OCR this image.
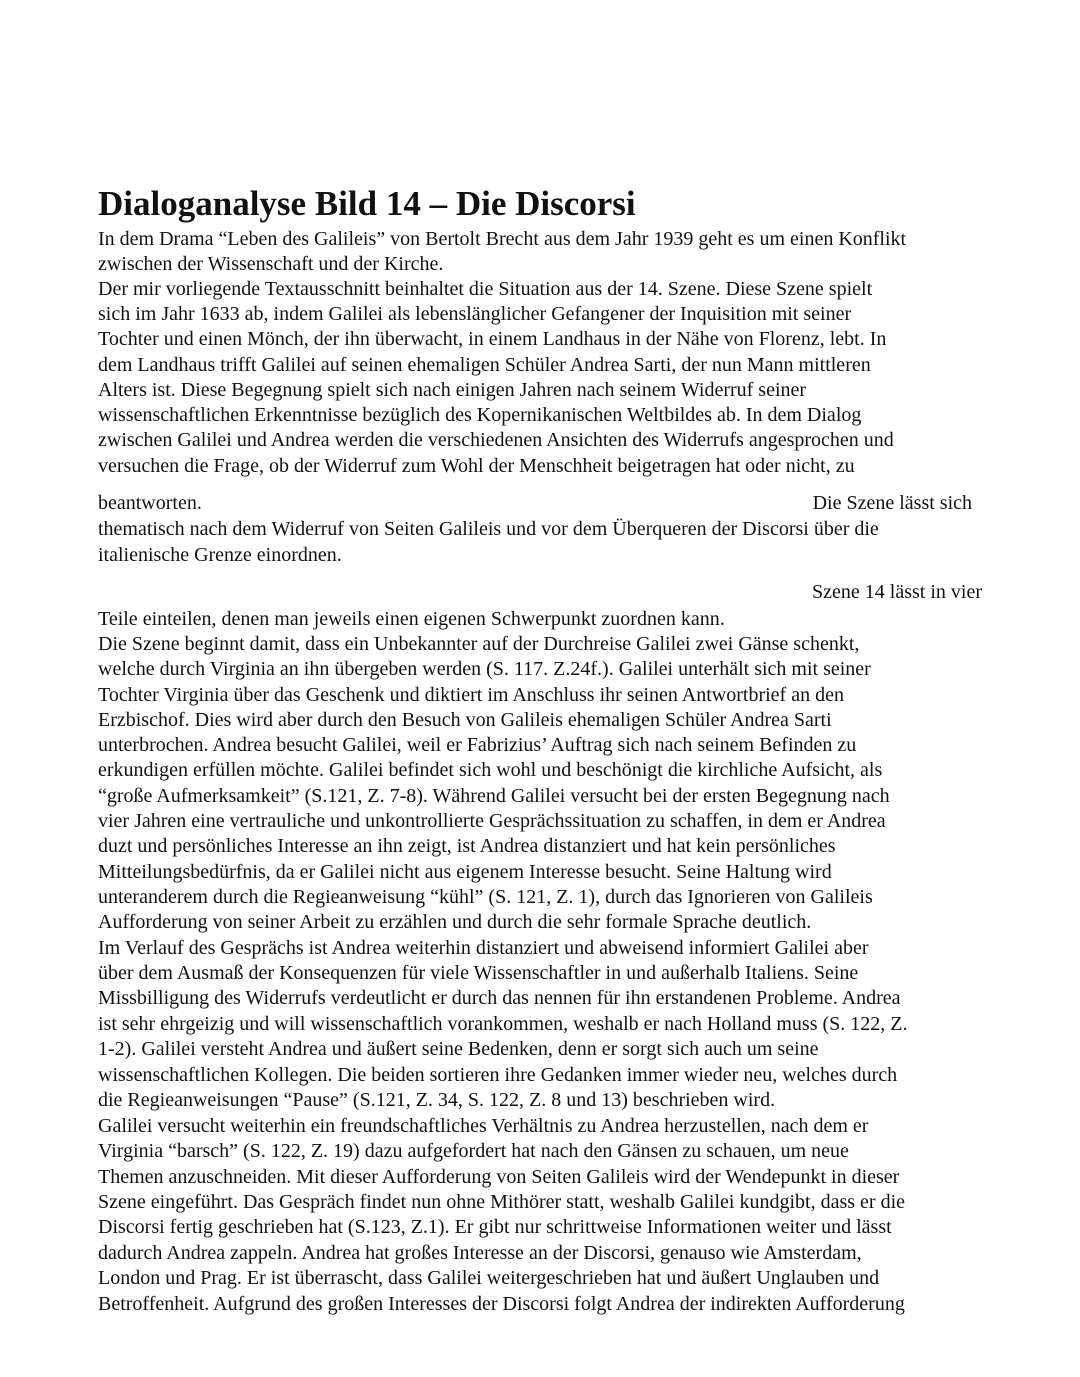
Dialoganalyse Bild 14 – Die Discorsi

In dem Drama “Leben des Galileis” von Bertolt Brecht aus dem Jahr 1939 geht es um einen Konflikt

zwischen der Wissenschaft und der Kirche.

Der mir vorliegende Textausschnitt beinhaltet die Situation aus der 14. Szene. Diese Szene spielt

sich im Jahr 1633 ab, indem Galilei als lebenslänglicher Gefangener der Inquisition mit seiner

Tochter und einen Mönch, der ihn überwacht, in einem Landhaus in der Nähe von Florenz, lebt. In

dem Landhaus trifft Galilei auf seinen ehemaligen Schüler Andrea Sarti, der nun Mann mittleren

Alters ist. Diese Begegnung spielt sich nach einigen Jahren nach seinem Widerruf seiner

wissenschaftlichen Erkenntnisse bezüglich des Kopernikanischen Weltbildes ab. In dem Dialog

zwischen Galilei und Andrea werden die verschiedenen Ansichten des Widerrufs angesprochen und

versuchen die Frage, ob der Widerruf zum Wohl der Menschheit beigetragen hat oder nicht, zu

beantworten.	Die Szene lässt sich

thematisch nach dem Widerruf von Seiten Galileis und vor dem Überqueren der Discorsi über die

italienische Grenze einordnen.

Szene 14 lässt in vier

Teile einteilen, denen man jeweils einen eigenen Schwerpunkt zuordnen kann.

Die Szene beginnt damit, dass ein Unbekannter auf der Durchreise Galilei zwei Gänse schenkt,

welche durch Virginia an ihn übergeben werden (S. 117. Z.24f.). Galilei unterhält sich mit seiner

Tochter Virginia über das Geschenk und diktiert im Anschluss ihr seinen Antwortbrief an den

Erzbischof. Dies wird aber durch den Besuch von Galileis ehemaligen Schüler Andrea Sarti

unterbrochen. Andrea besucht Galilei, weil er Fabrizius’ Auftrag sich nach seinem Befinden zu

erkundigen erfüllen möchte. Galilei befindet sich wohl und beschönigt die kirchliche Aufsicht, als

“große Aufmerksamkeit” (S.121, Z. 7-8). Während Galilei versucht bei der ersten Begegnung nach

vier Jahren eine vertrauliche und unkontrollierte Gesprächssituation zu schaffen, in dem er Andrea

duzt und persönliches Interesse an ihn zeigt, ist Andrea distanziert und hat kein persönliches

Mitteilungsbedürfnis, da er Galilei nicht aus eigenem Interesse besucht. Seine Haltung wird

unteranderem durch die Regieanweisung “kühl” (S. 121, Z. 1), durch das Ignorieren von Galileis

Aufforderung von seiner Arbeit zu erzählen und durch die sehr formale Sprache deutlich.

Im Verlauf des Gesprächs ist Andrea weiterhin distanziert und abweisend informiert Galilei aber

über dem Ausmaß der Konsequenzen für viele Wissenschaftler in und außerhalb Italiens. Seine

Missbilligung des Widerrufs verdeutlicht er durch das nennen für ihn erstandenen Probleme. Andrea

ist sehr ehrgeizig und will wissenschaftlich vorankommen, weshalb er nach Holland muss (S. 122, Z.

1-2). Galilei versteht Andrea und äußert seine Bedenken, denn er sorgt sich auch um seine

wissenschaftlichen Kollegen. Die beiden sortieren ihre Gedanken immer wieder neu, welches durch

die Regieanweisungen “Pause” (S.121, Z. 34, S. 122, Z. 8 und 13) beschrieben wird.

Galilei versucht weiterhin ein freundschaftliches Verhältnis zu Andrea herzustellen, nach dem er

Virginia “barsch” (S. 122, Z. 19) dazu aufgefordert hat nach den Gänsen zu schauen, um neue

Themen anzuschneiden. Mit dieser Aufforderung von Seiten Galileis wird der Wendepunkt in dieser

Szene eingeführt. Das Gespräch findet nun ohne Mithörer statt, weshalb Galilei kundgibt, dass er die

Discorsi fertig geschrieben hat (S.123, Z.1). Er gibt nur schrittweise Informationen weiter und lässt

dadurch Andrea zappeln. Andrea hat großes Interesse an der Discorsi, genauso wie Amsterdam,

London und Prag. Er ist überrascht, dass Galilei weitergeschrieben hat und äußert Unglauben und

Betroffenheit. Aufgrund des großen Interesses der Discorsi folgt Andrea der indirekten Aufforderung
